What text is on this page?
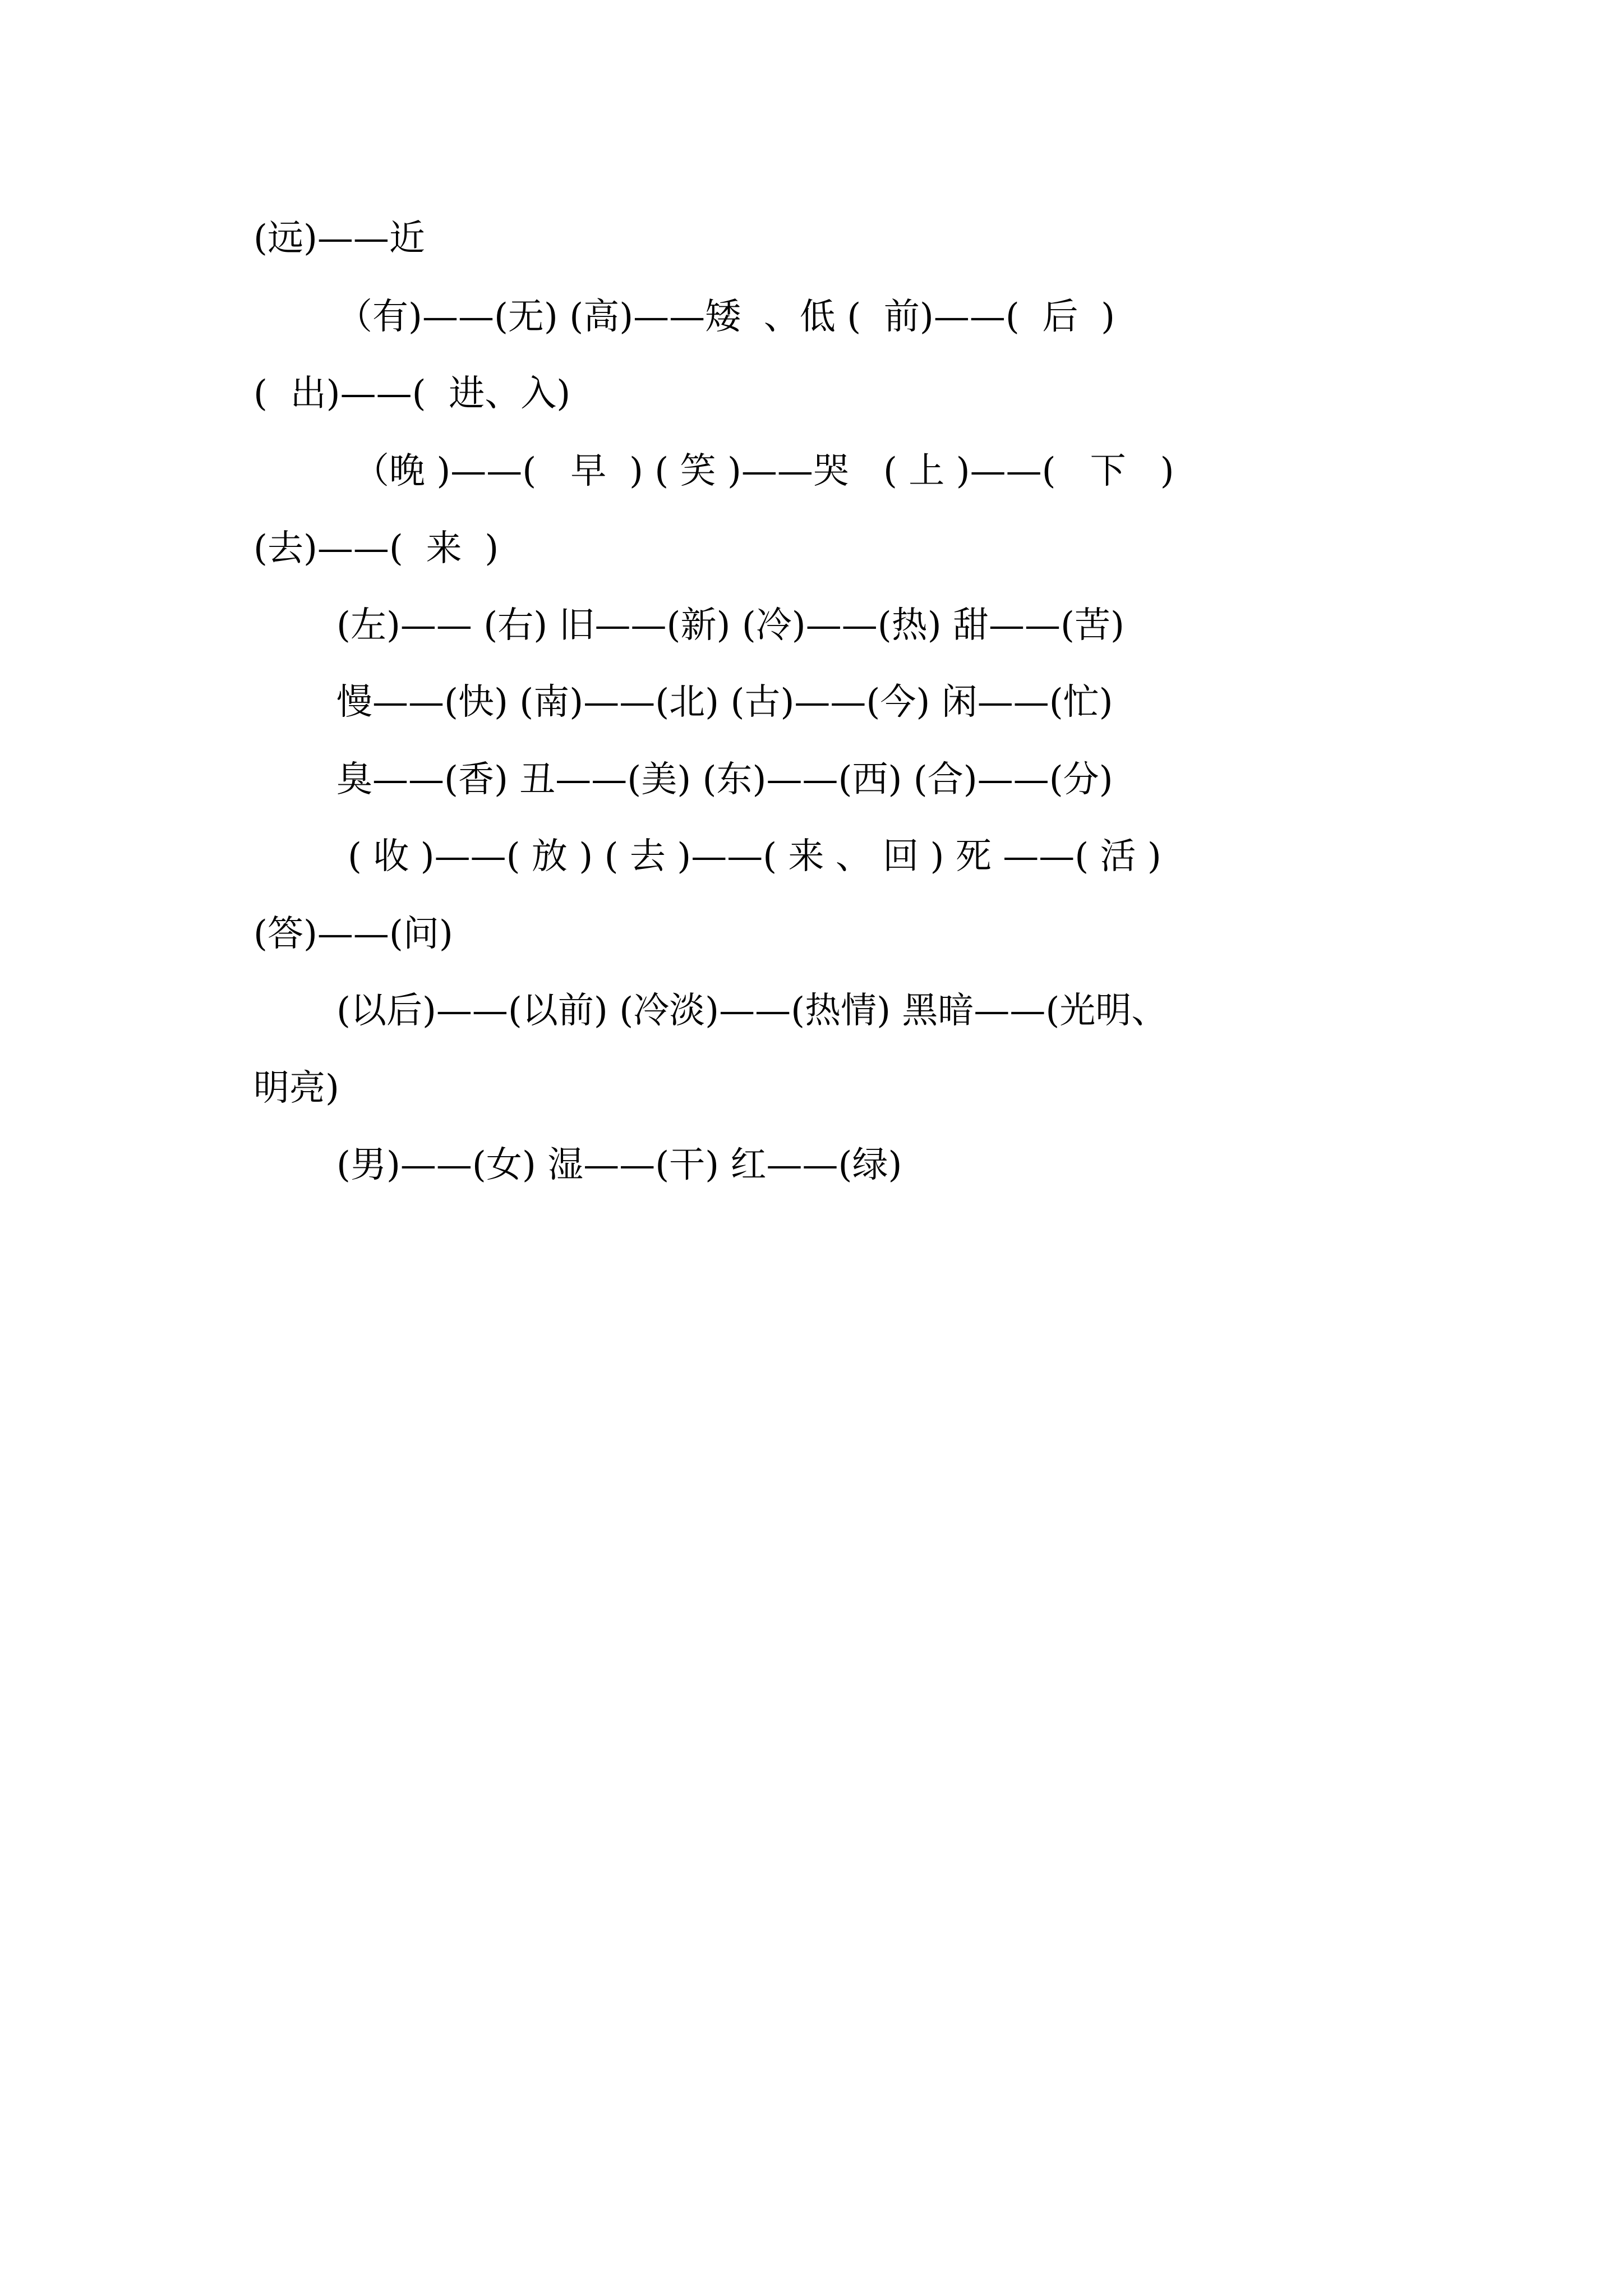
(远)——近
（有)——(无) (高)——矮  、低 (  前)——(  后  )
(  出)——(  进、入)
（晚 )——(   早  ) ( 笑 )——哭   ( 上 )——(   下   )
(去)——(  来  )
(左)—— (右) 旧——(新) (冷)——(热) 甜——(苦)
慢——(快) (南)——(北) (古)——(今) 闲——(忙)
臭——(香) 丑——(美) (东)——(西) (合)——(分)
( 收 )——( 放 ) ( 去 )——( 来 、 回 ) 死 ——( 活 )
(答)——(问)
(以后)——(以前) (冷淡)——(热情) 黑暗——(光明、
明亮)
(男)——(女) 湿——(干) 红——(绿)
